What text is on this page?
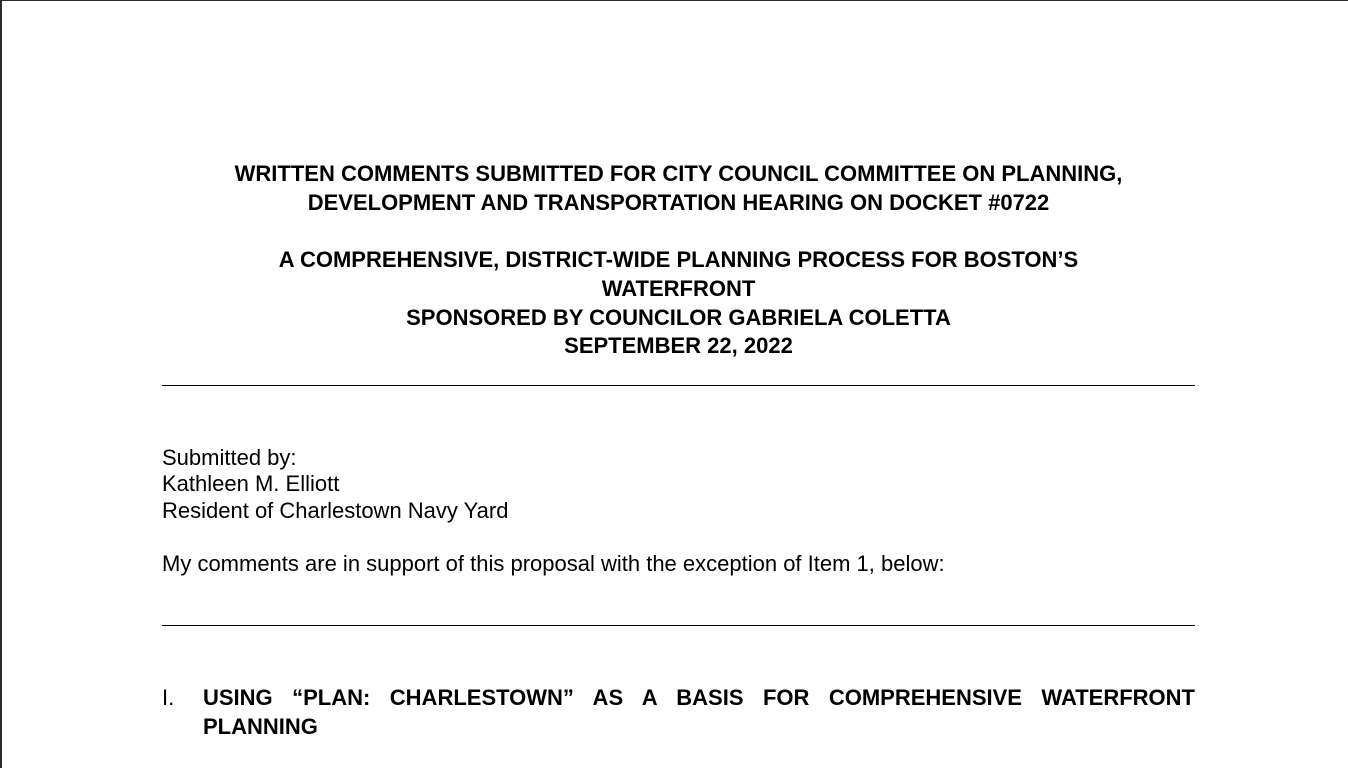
WRITTEN COMMENTS SUBMITTED FOR CITY COUNCIL COMMITTEE ON PLANNING,
DEVELOPMENT AND TRANSPORTATION HEARING ON DOCKET #0722
A COMPREHENSIVE, DISTRICT-WIDE PLANNING PROCESS FOR BOSTON’S
WATERFRONT
SPONSORED BY COUNCILOR GABRIELA COLETTA
SEPTEMBER 22, 2022
Submitted by:
Kathleen M. Elliott
Resident of Charlestown Navy Yard
My comments are in support of this proposal with the exception of Item 1, below:
I. USING “PLAN: CHARLESTOWN” AS A BASIS FOR COMPREHENSIVE WATERFRONT PLANNING
